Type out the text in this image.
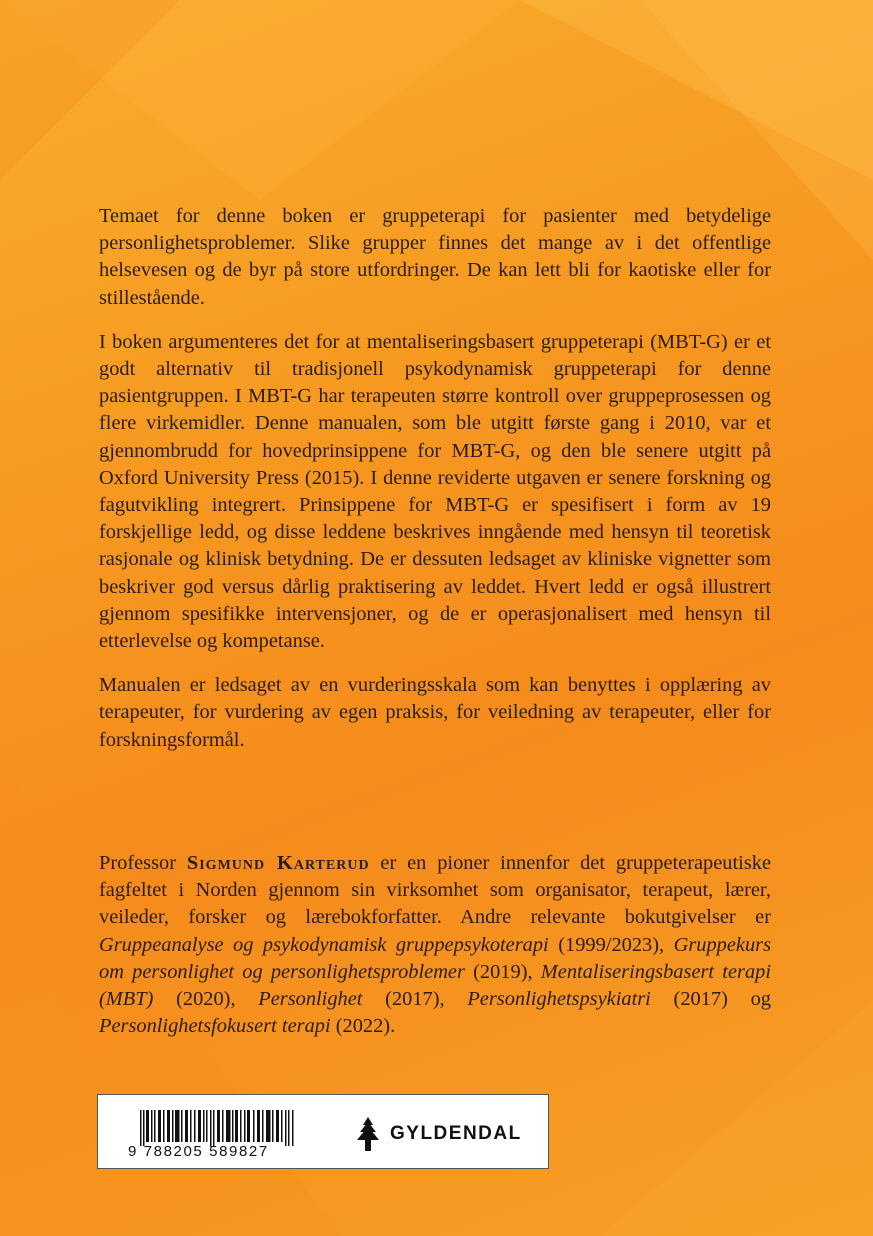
Temaet for denne boken er gruppeterapi for pasienter med betydelige personlighetsproblemer. Slike grupper finnes det mange av i det offentlige helsevesen og de byr på store utfordringer. De kan lett bli for kaotiske eller for stillestående.

I boken argumenteres det for at mentaliseringsbasert gruppeterapi (MBT-G) er et godt alternativ til tradisjonell psykodynamisk gruppeterapi for denne pasientgruppen. I MBT-G har terapeuten større kontroll over gruppeprosessen og flere virkemidler. Denne manualen, som ble utgitt første gang i 2010, var et gjennombrudd for hovedprinsippene for MBT-G, og den ble senere utgitt på Oxford University Press (2015). I denne reviderte utgaven er senere forskning og fagutvikling integrert. Prinsippene for MBT-G er spesifisert i form av 19 forskjellige ledd, og disse leddene beskrives inngående med hensyn til teoretisk rasjonale og klinisk betydning. De er dessuten ledsaget av kliniske vignetter som beskriver god versus dårlig praktisering av leddet. Hvert ledd er også illustrert gjennom spesifikke intervensjoner, og de er operasjonalisert med hensyn til etterlevelse og kompetanse.

Manualen er ledsaget av en vurderingsskala som kan benyttes i opplæring av terapeuter, for vurdering av egen praksis, for veiledning av terapeuter, eller for forskningsformål.

Professor Sigmund Karterud er en pioner innenfor det gruppeterapeutiske fagfeltet i Norden gjennom sin virksomhet som organisator, terapeut, lærer, veileder, forsker og lærebokforfatter. Andre relevante bokutgivelser er Gruppeanalyse og psykodynamisk gruppepsykoterapi (1999/2023), Gruppekurs om personlighet og personlighetsproblemer (2019), Mentaliseringsbasert terapi (MBT) (2020), Personlighet (2017), Personlighetspsykiatri (2017) og Personlighetsfokusert terapi (2022).

9 788205 589827
GYLDENDAL
